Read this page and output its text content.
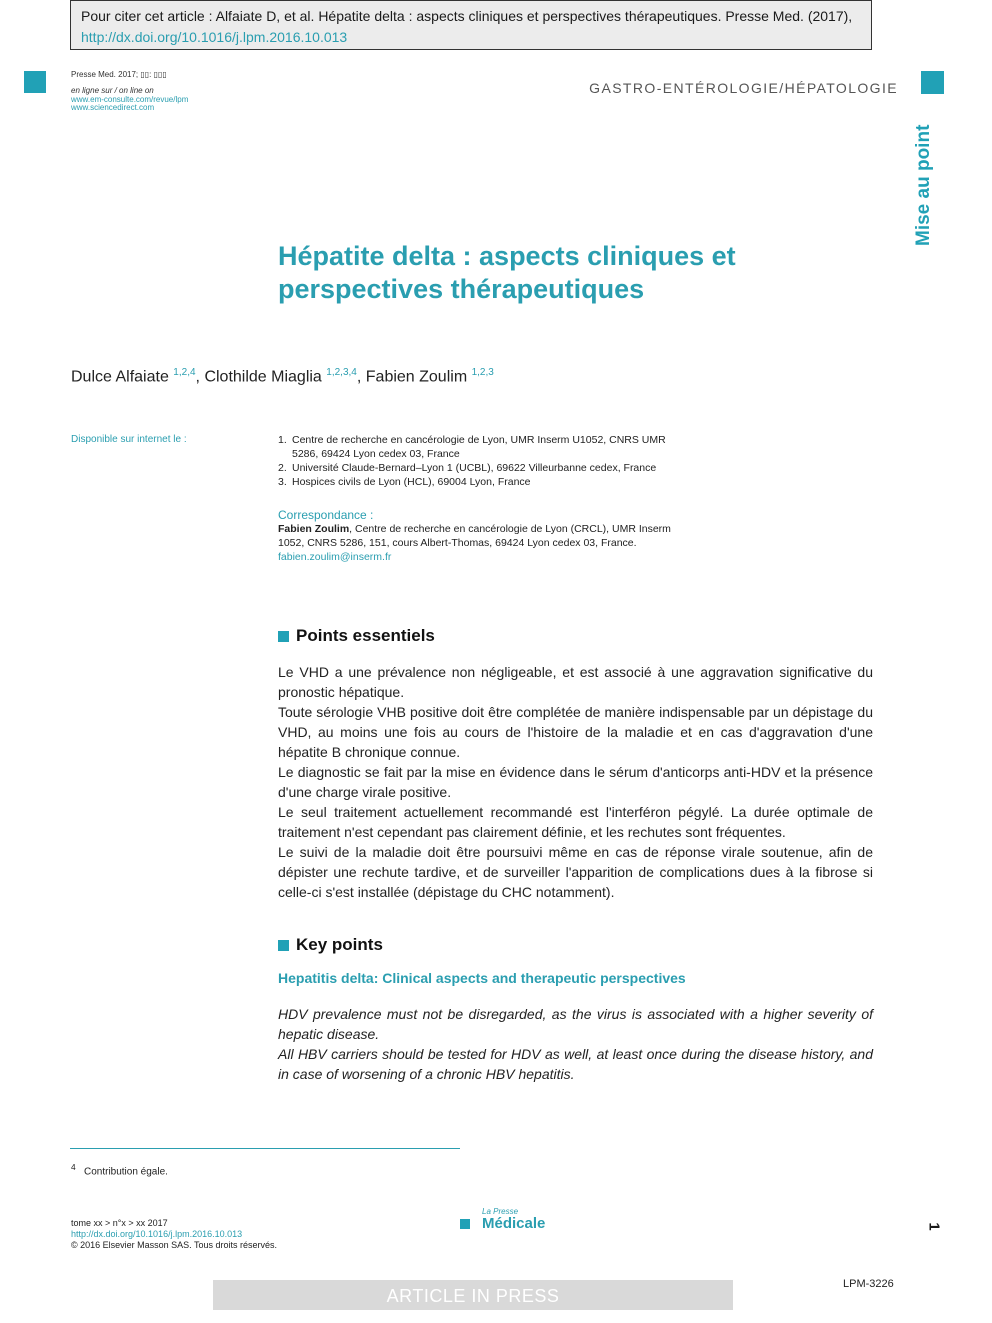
Pour citer cet article : Alfaiate D, et al. Hépatite delta : aspects cliniques et perspectives thérapeutiques. Presse Med. (2017),
http://dx.doi.org/10.1016/j.lpm.2016.10.013
Presse Med. 2017; ▯▯: ▯▯▯
en ligne sur / on line on
www.em-consulte.com/revue/lpm
www.sciencedirect.com
GASTRO-ENTÉROLOGIE/HÉPATOLOGIE
Mise au point
Hépatite delta : aspects cliniques et perspectives thérapeutiques
Dulce Alfaiate $^{1,2,4}$, Clothilde Miaglia $^{1,2,3,4}$, Fabien Zoulim $^{1,2,3}$
Disponible sur internet le :	1. Centre de recherche en cancérologie de Lyon, UMR Inserm U1052, CNRS UMR 5286, 69424 Lyon cedex 03, France
2. Université Claude-Bernard–Lyon 1 (UCBL), 69622 Villeurbanne cedex, France
3. Hospices civils de Lyon (HCL), 69004 Lyon, France
Correspondance :
Fabien Zoulim, Centre de recherche en cancérologie de Lyon (CRCL), UMR Inserm 1052, CNRS 5286, 151, cours Albert-Thomas, 69424 Lyon cedex 03, France.
fabien.zoulim@inserm.fr
Points essentiels

Le VHD a une prévalence non négligeable, et est associé à une aggravation significative du pronostic hépatique.

Toute sérologie VHB positive doit être complétée de manière indispensable par un dépistage du VHD, au moins une fois au cours de l'histoire de la maladie et en cas d'aggravation d'une hépatite B chronique connue.

Le diagnostic se fait par la mise en évidence dans le sérum d'anticorps anti-HDV et la présence d'une charge virale positive.

Le seul traitement actuellement recommandé est l'interféron pégylé. La durée optimale de traitement n'est cependant pas clairement définie, et les rechutes sont fréquentes.

Le suivi de la maladie doit être poursuivi même en cas de réponse virale soutenue, afin de dépister une rechute tardive, et de surveiller l'apparition de complications dues à la fibrose si celle-ci s'est installée (dépistage du CHC notamment).

Key points
Hepatitis delta: Clinical aspects and therapeutic perspectives

HDV prevalence must not be disregarded, as the virus is associated with a higher severity of hepatic disease.

All HBV carriers should be tested for HDV as well, at least once during the disease history, and in case of worsening of a chronic HBV hepatitis.

$^4$ Contribution égale.
tome xx > n°x > xx 2017
http://dx.doi.org/10.1016/j.lpm.2016.10.013
© 2016 Elsevier Masson SAS. Tous droits réservés.
La Presse
Médicale	1
ARTICLE IN PRESS
LPM-3226
